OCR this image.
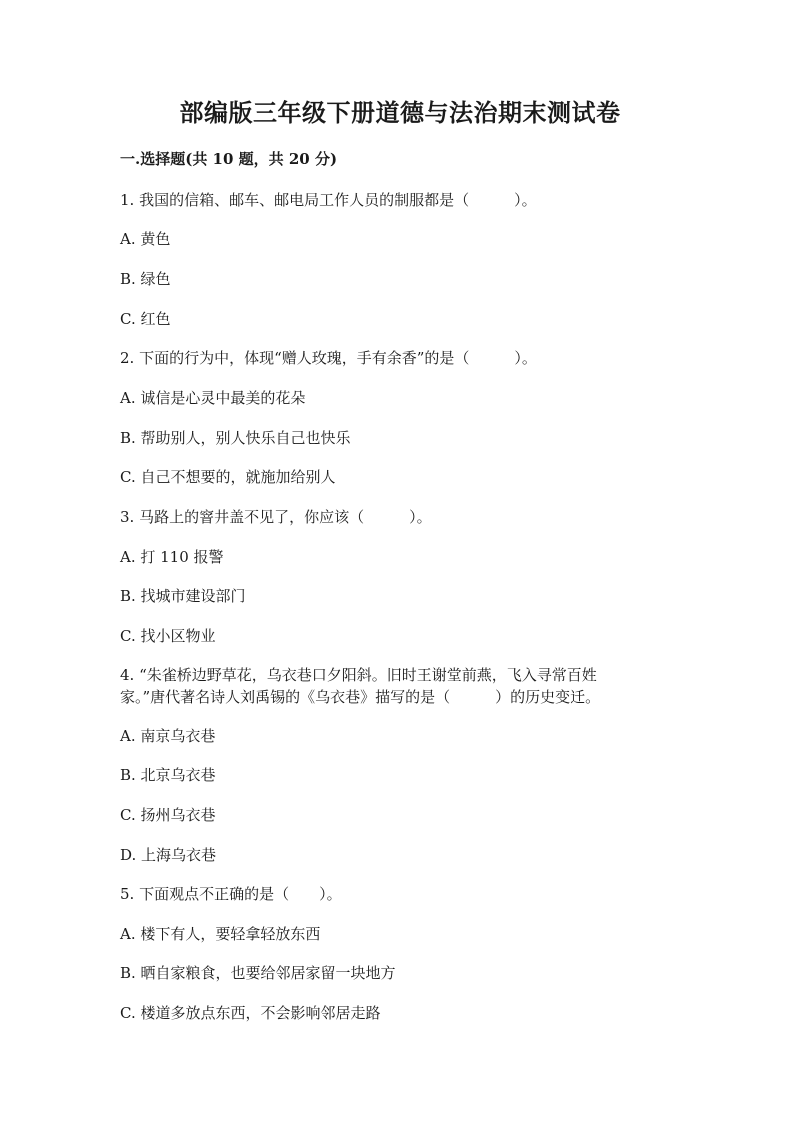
部编版三年级下册道德与法治期末测试卷
一.选择题(共 10 题，共 20 分)
1. 我国的信箱、邮车、邮电局工作人员的制服都是（　　　）。
A. 黄色
B. 绿色
C. 红色
2. 下面的行为中，体现“赠人玫瑰，手有余香”的是（　　　）。
A. 诚信是心灵中最美的花朵
B. 帮助别人，别人快乐自己也快乐
C. 自己不想要的，就施加给别人
3. 马路上的窨井盖不见了，你应该（　　　）。
A. 打 110 报警
B. 找城市建设部门
C. 找小区物业
4. “朱雀桥边野草花，乌衣巷口夕阳斜。旧时王谢堂前燕，飞入寻常百姓
家。”唐代著名诗人刘禹锡的《乌衣巷》描写的是（　　　）的历史变迁。
A. 南京乌衣巷
B. 北京乌衣巷
C. 扬州乌衣巷
D. 上海乌衣巷
5. 下面观点不正确的是（　　）。
A. 楼下有人，要轻拿轻放东西
B. 晒自家粮食，也要给邻居家留一块地方
C. 楼道多放点东西，不会影响邻居走路
